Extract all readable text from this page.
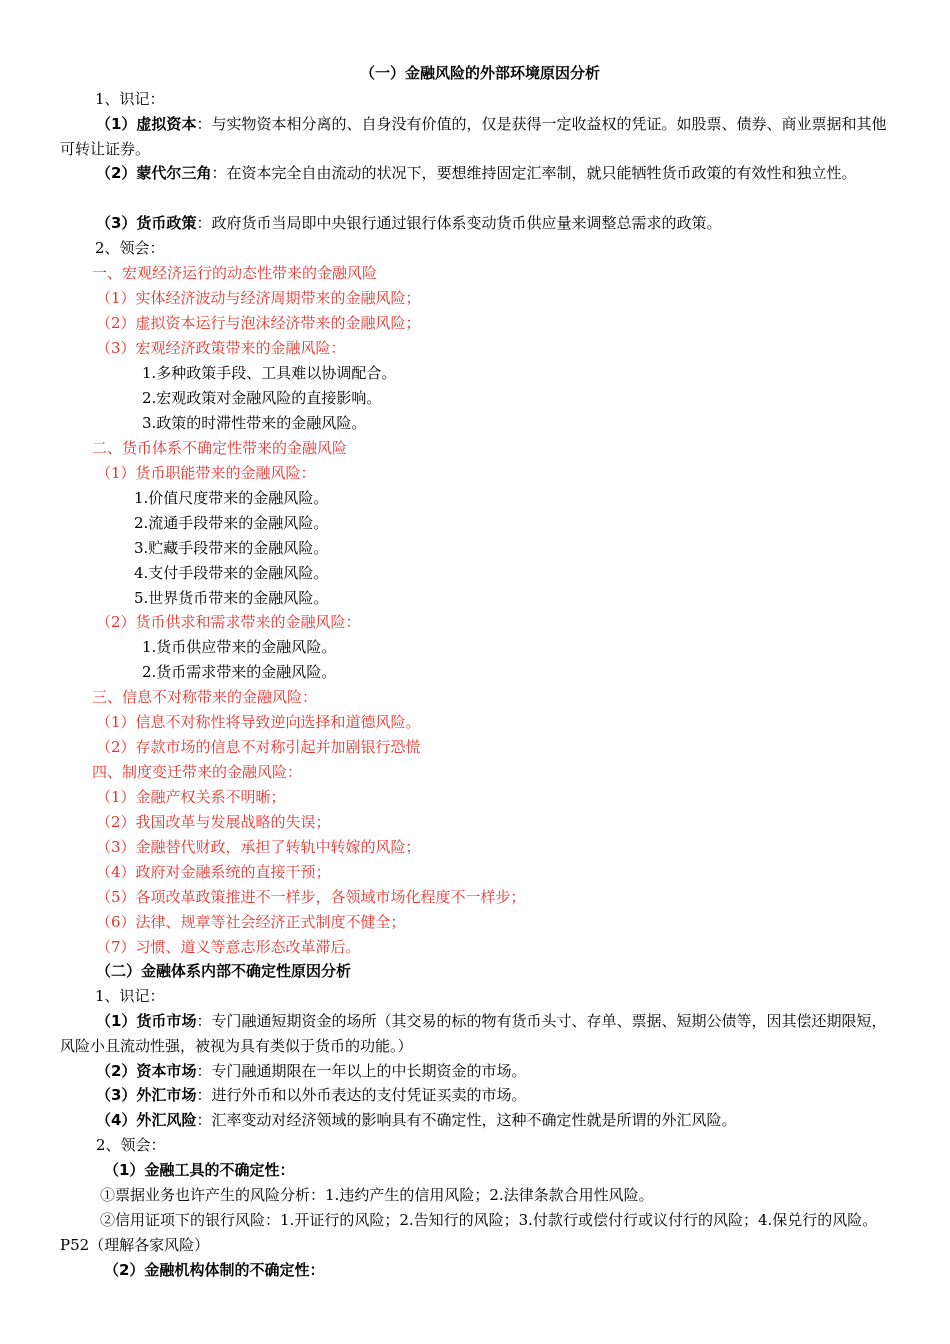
（一）金融风险的外部环境原因分析
1、识记：
（1）虚拟资本：与实物资本相分离的、自身没有价值的，仅是获得一定收益权的凭证。如股票、债券、商业票据和其他可转让证券。
（2）蒙代尔三角：在资本完全自由流动的状况下，要想维持固定汇率制，就只能牺牲货币政策的有效性和独立性。
（3）货币政策：政府货币当局即中央银行通过银行体系变动货币供应量来调整总需求的政策。
2、领会：
一、宏观经济运行的动态性带来的金融风险
（1）实体经济波动与经济周期带来的金融风险；
（2）虚拟资本运行与泡沫经济带来的金融风险；
（3）宏观经济政策带来的金融风险：
1.多种政策手段、工具难以协调配合。
2.宏观政策对金融风险的直接影响。
3.政策的时滞性带来的金融风险。
二、货币体系不确定性带来的金融风险
（1）货币职能带来的金融风险：
1.价值尺度带来的金融风险。
2.流通手段带来的金融风险。
3.贮藏手段带来的金融风险。
4.支付手段带来的金融风险。
5.世界货币带来的金融风险。
（2）货币供求和需求带来的金融风险：
1.货币供应带来的金融风险。
2.货币需求带来的金融风险。
三、信息不对称带来的金融风险：
（1）信息不对称性将导致逆向选择和道德风险。
（2）存款市场的信息不对称引起并加剧银行恐慌
四、制度变迁带来的金融风险：
（1）金融产权关系不明晰；
（2）我国改革与发展战略的失误；
（3）金融替代财政，承担了转轨中转嫁的风险；
（4）政府对金融系统的直接干预；
（5）各项改革政策推进不一样步，各领域市场化程度不一样步；
（6）法律、规章等社会经济正式制度不健全；
（7）习惯、道义等意志形态改革滞后。
（二）金融体系内部不确定性原因分析
1、识记：
（1）货币市场：专门融通短期资金的场所（其交易的标的物有货币头寸、存单、票据、短期公债等，因其偿还期限短，风险小且流动性强，被视为具有类似于货币的功能。）
（2）资本市场：专门融通期限在一年以上的中长期资金的市场。
（3）外汇市场：进行外币和以外币表达的支付凭证买卖的市场。
（4）外汇风险：汇率变动对经济领域的影响具有不确定性，这种不确定性就是所谓的外汇风险。
2、领会：
（1）金融工具的不确定性：
①票据业务也许产生的风险分析：1.违约产生的信用风险；2.法律条款合用性风险。
②信用证项下的银行风险：1.开证行的风险；2.告知行的风险；3.付款行或偿付行或议付行的风险；4.保兑行的风险。 P52（理解各家风险）
（2）金融机构体制的不确定性：
